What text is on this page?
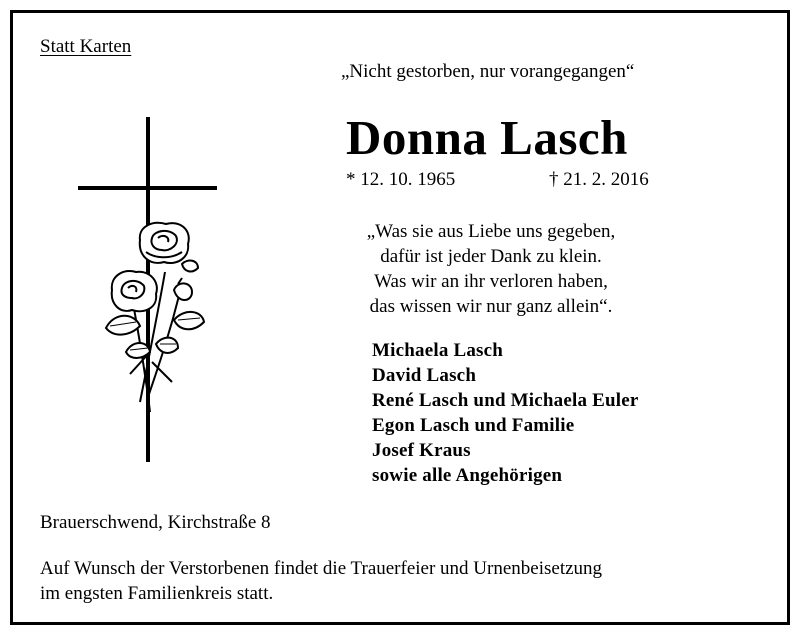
Statt Karten
„Nicht gestorben, nur vorangegangen“
Donna Lasch
* 12. 10. 1965	† 21. 2. 2016
„Was sie aus Liebe uns gegeben,
dafür ist jeder Dank zu klein.
Was wir an ihr verloren haben,
das wissen wir nur ganz allein“.
Michaela Lasch
David Lasch
René Lasch und Michaela Euler
Egon Lasch und Familie
Josef Kraus
sowie alle Angehörigen
Brauerschwend, Kirchstraße 8
Auf Wunsch der Verstorbenen findet die Trauerfeier und Urnenbeisetzung
im engsten Familienkreis statt.
